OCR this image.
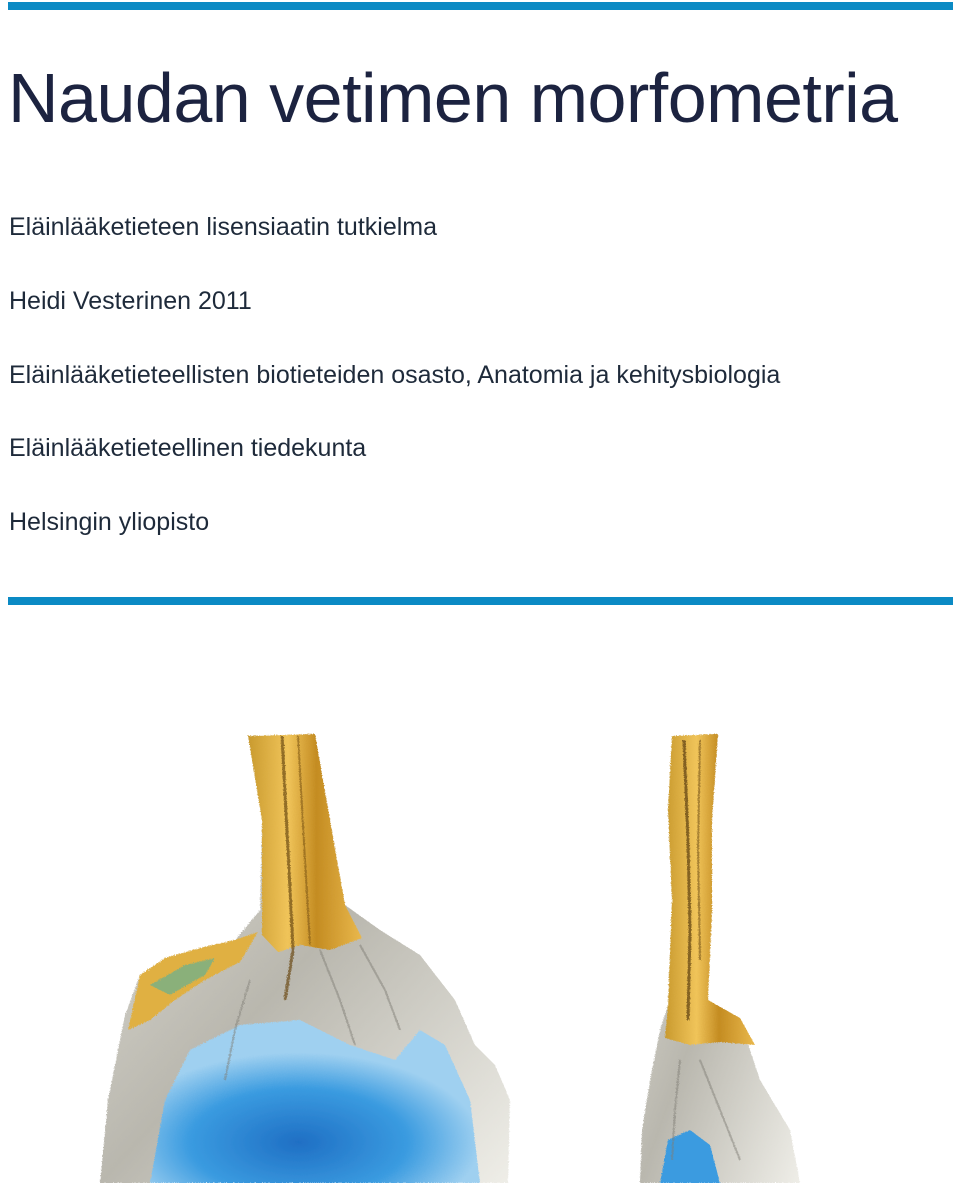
Naudan vetimen morfometria

Eläinlääketieteen lisensiaatin tutkielma

Heidi Vesterinen 2011

Eläinlääketieteellisten biotieteiden osasto, Anatomia ja kehitysbiologia

Eläinlääketieteellinen tiedekunta

Helsingin yliopisto
